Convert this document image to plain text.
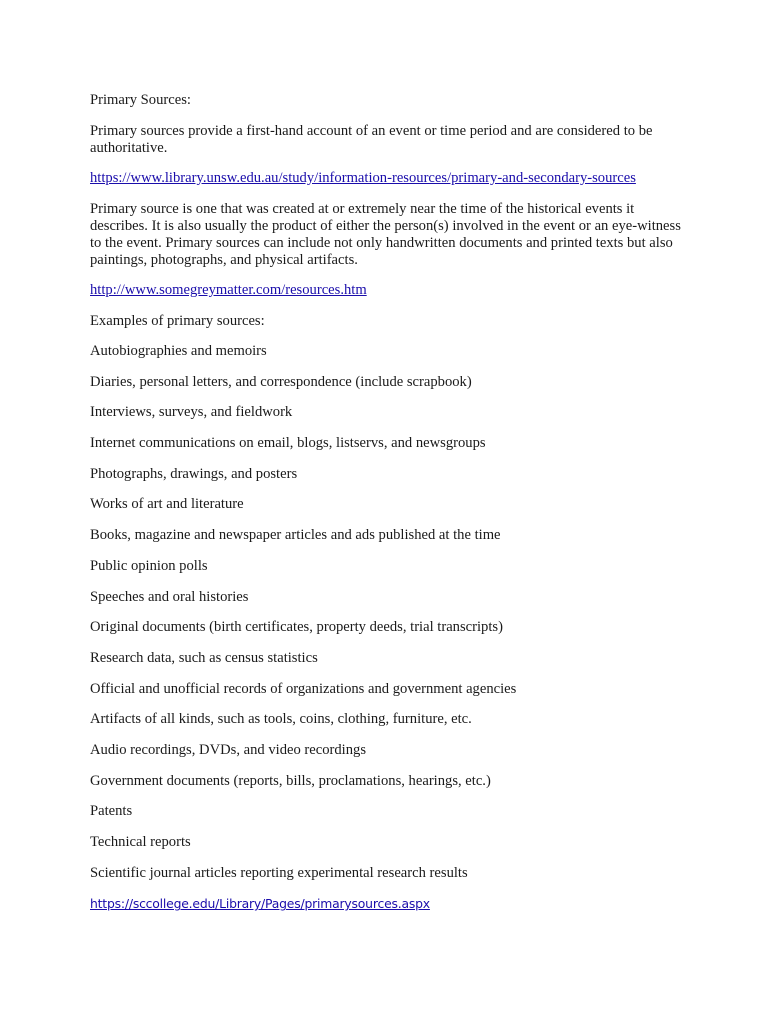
Primary Sources:

Primary sources provide a first-hand account of an event or time period and are considered to be authoritative.

https://www.library.unsw.edu.au/study/information-resources/primary-and-secondary-sources

Primary source is one that was created at or extremely near the time of the historical events it describes. It is also usually the product of either the person(s) involved in the event or an eye-witness to the event. Primary sources can include not only handwritten documents and printed texts but also paintings, photographs, and physical artifacts.

http://www.somegreymatter.com/resources.htm

Examples of primary sources:

Autobiographies and memoirs
Diaries, personal letters, and correspondence (include scrapbook)
Interviews, surveys, and fieldwork
Internet communications on email, blogs, listservs, and newsgroups
Photographs, drawings, and posters
Works of art and literature
Books, magazine and newspaper articles and ads published at the time
Public opinion polls
Speeches and oral histories
Original documents (birth certificates, property deeds, trial transcripts)
Research data, such as census statistics
Official and unofficial records of organizations and government agencies
Artifacts of all kinds, such as tools, coins, clothing, furniture, etc.
Audio recordings, DVDs, and video recordings
Government documents (reports, bills, proclamations, hearings, etc.)
Patents
Technical reports
Scientific journal articles reporting experimental research results

https://sccollege.edu/Library/Pages/primarysources.aspx
